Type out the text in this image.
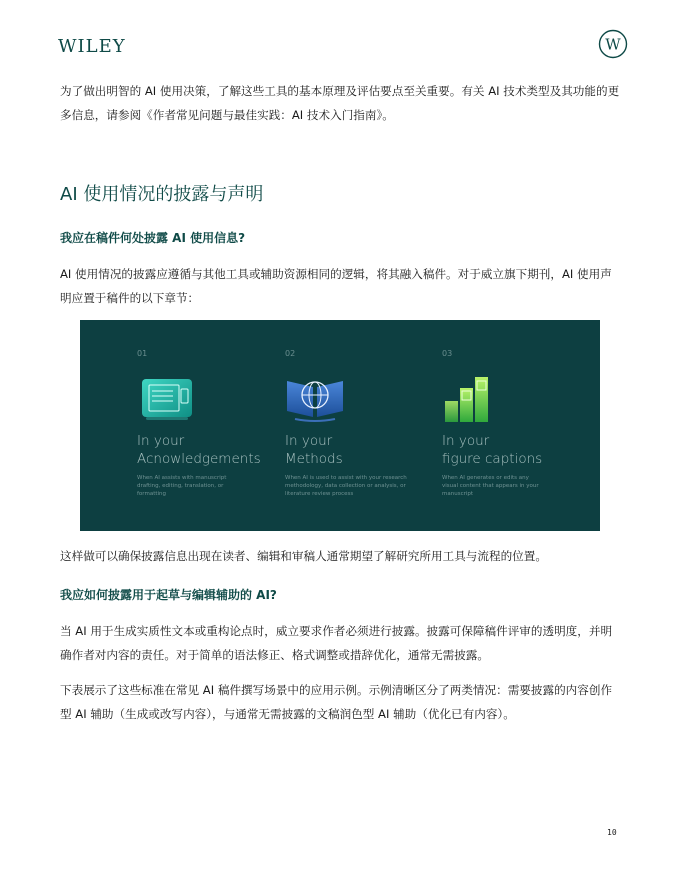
WILEY	W

为了做出明智的 AI 使用决策，了解这些工具的基本原理及评估要点至关重要。有关 AI 技术类型及其功能的更多信息，请参阅《作者常见问题与最佳实践：AI 技术入门指南》。

AI 使用情况的披露与声明
我应在稿件何处披露 AI 使用信息?

AI 使用情况的披露应遵循与其他工具或辅助资源相同的逻辑，将其融入稿件。对于威立旗下期刊，AI 使用声明应置于稿件的以下章节：

01
In your
Acnowledgements
When AI assists with manuscript
drafting, editing, translation, or
formatting
02
In your
Methods
When AI is used to assist with your research
methodology, data collection or analysis, or
literature review process
03
In your
figure captions
When AI generates or edits any
visual content that appears in your
manuscript

这样做可以确保披露信息出现在读者、编辑和审稿人通常期望了解研究所用工具与流程的位置。

我应如何披露用于起草与编辑辅助的 AI?

当 AI 用于生成实质性文本或重构论点时，威立要求作者必须进行披露。披露可保障稿件评审的透明度，并明确作者对内容的责任。对于简单的语法修正、格式调整或措辞优化，通常无需披露。

下表展示了这些标准在常见 AI 稿件撰写场景中的应用示例。示例清晰区分了两类情况：需要披露的内容创作型 AI 辅助（生成或改写内容），与通常无需披露的文稿润色型 AI 辅助（优化已有内容）。

10
